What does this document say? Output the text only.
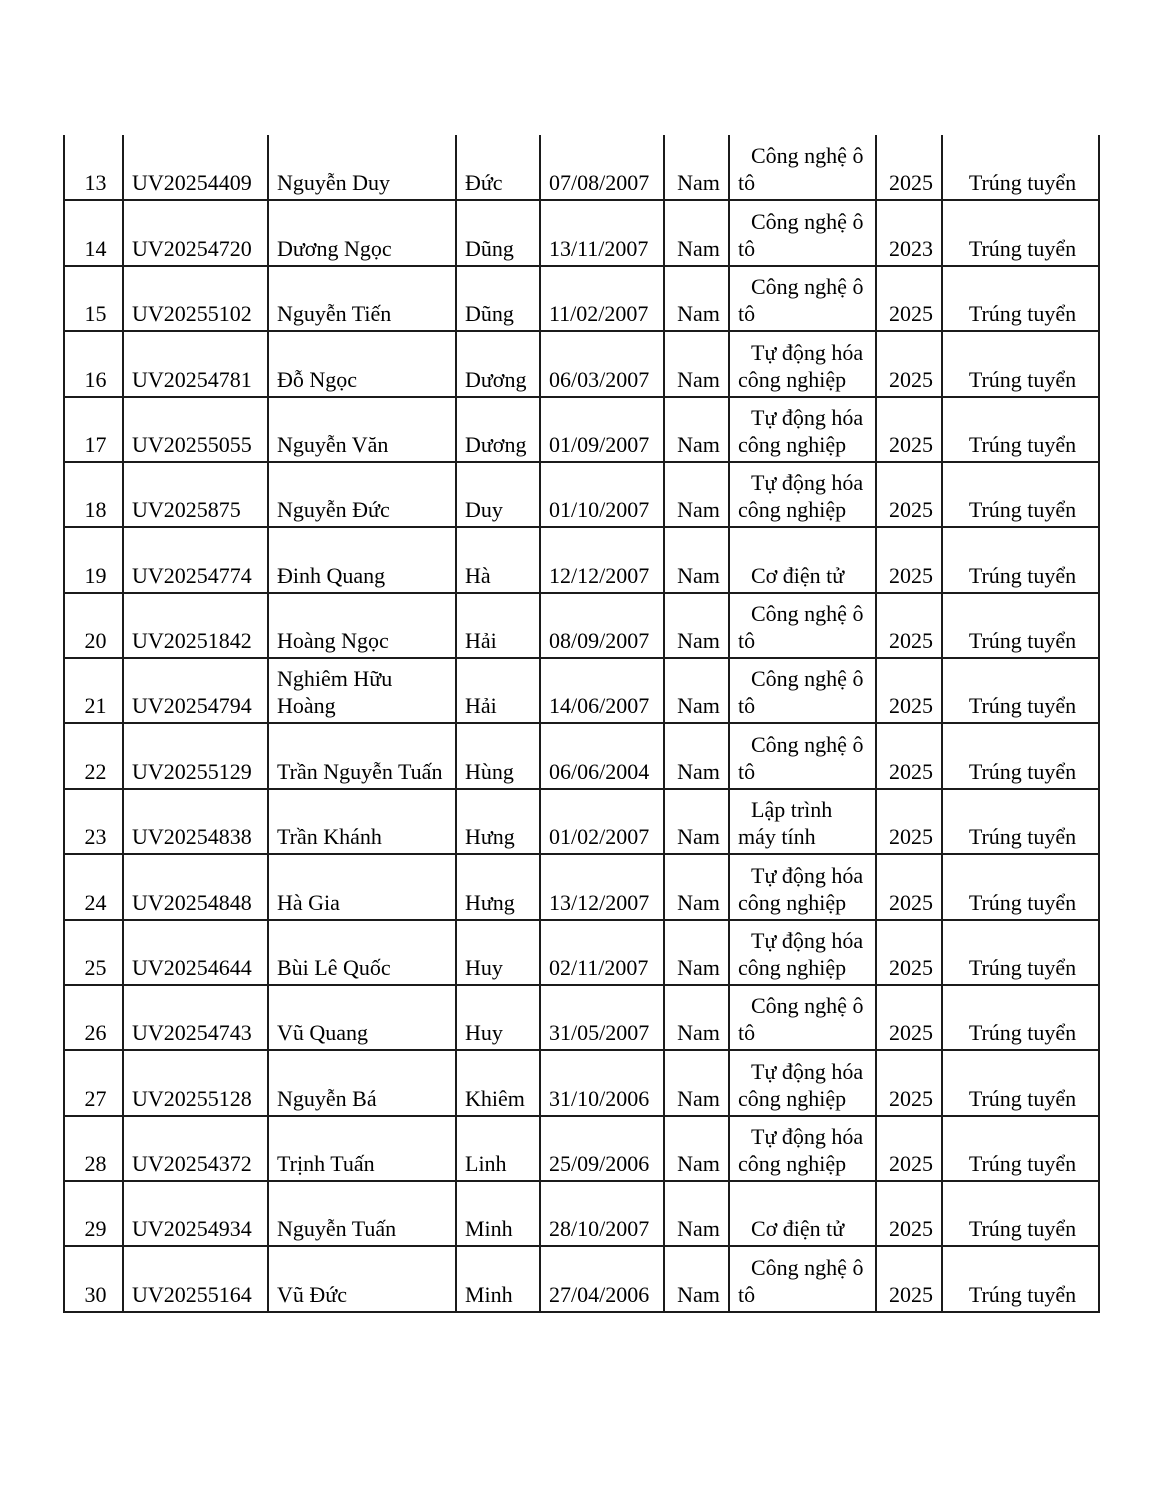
13	UV20254409	Nguyễn Duy	Đức	07/08/2007	Nam	Công nghệ ô tô	2025	Trúng tuyển
14	UV20254720	Dương Ngọc	Dũng	13/11/2007	Nam	Công nghệ ô tô	2023	Trúng tuyển
15	UV20255102	Nguyễn Tiến	Dũng	11/02/2007	Nam	Công nghệ ô tô	2025	Trúng tuyển
16	UV20254781	Đỗ Ngọc	Dương	06/03/2007	Nam	Tự động hóa công nghiệp	2025	Trúng tuyển
17	UV20255055	Nguyễn Văn	Dương	01/09/2007	Nam	Tự động hóa công nghiệp	2025	Trúng tuyển
18	UV2025875	Nguyễn Đức	Duy	01/10/2007	Nam	Tự động hóa công nghiệp	2025	Trúng tuyển
19	UV20254774	Đinh Quang	Hà	12/12/2007	Nam	Cơ điện tử	2025	Trúng tuyển
20	UV20251842	Hoàng Ngọc	Hải	08/09/2007	Nam	Công nghệ ô tô	2025	Trúng tuyển
21	UV20254794	Nghiêm Hữu Hoàng	Hải	14/06/2007	Nam	Công nghệ ô tô	2025	Trúng tuyển
22	UV20255129	Trần Nguyễn Tuấn	Hùng	06/06/2004	Nam	Công nghệ ô tô	2025	Trúng tuyển
23	UV20254838	Trần Khánh	Hưng	01/02/2007	Nam	Lập trình máy tính	2025	Trúng tuyển
24	UV20254848	Hà Gia	Hưng	13/12/2007	Nam	Tự động hóa công nghiệp	2025	Trúng tuyển
25	UV20254644	Bùi Lê Quốc	Huy	02/11/2007	Nam	Tự động hóa công nghiệp	2025	Trúng tuyển
26	UV20254743	Vũ Quang	Huy	31/05/2007	Nam	Công nghệ ô tô	2025	Trúng tuyển
27	UV20255128	Nguyễn Bá	Khiêm	31/10/2006	Nam	Tự động hóa công nghiệp	2025	Trúng tuyển
28	UV20254372	Trịnh Tuấn	Linh	25/09/2006	Nam	Tự động hóa công nghiệp	2025	Trúng tuyển
29	UV20254934	Nguyễn Tuấn	Minh	28/10/2007	Nam	Cơ điện tử	2025	Trúng tuyển
30	UV20255164	Vũ Đức	Minh	27/04/2006	Nam	Công nghệ ô tô	2025	Trúng tuyển
